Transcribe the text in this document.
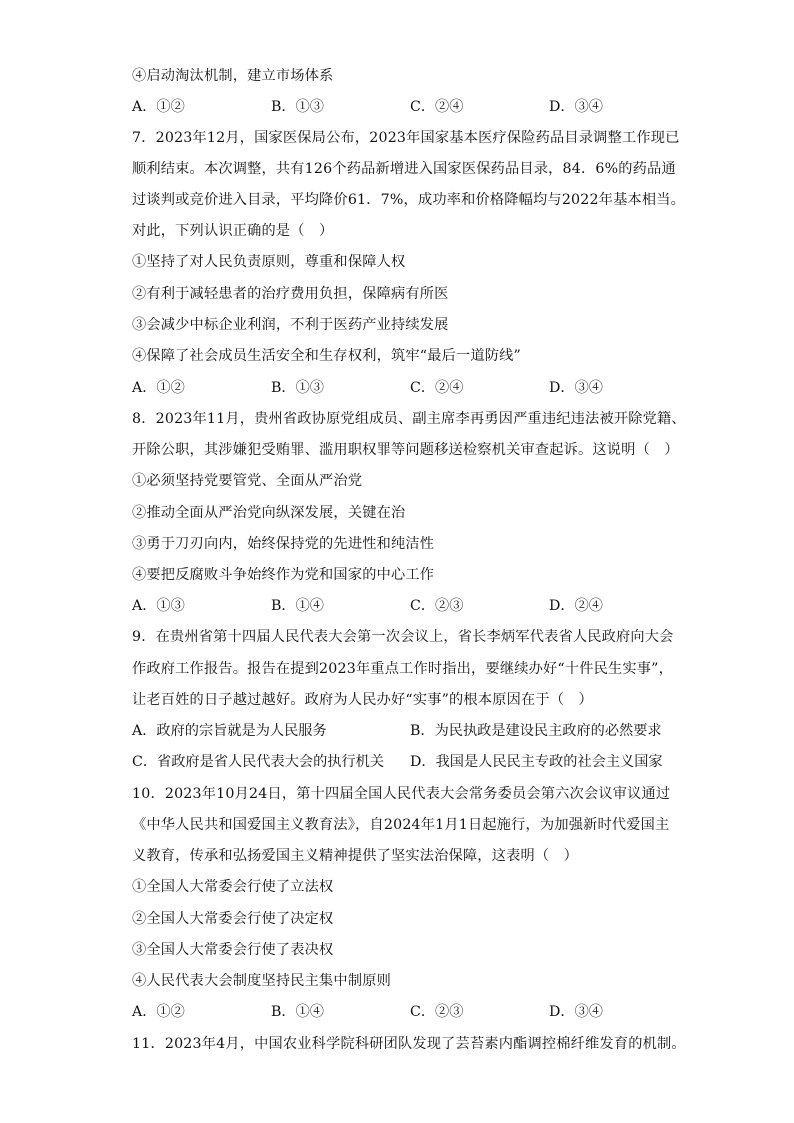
④启动淘汰机制，建立市场体系
A．①②	B．①③	C．②④	D．③④
7．2023年12月，国家医保局公布，2023年国家基本医疗保险药品目录调整工作现已
顺利结束。本次调整，共有126个药品新增进入国家医保药品目录，84．6%的药品通
过谈判或竞价进入目录，平均降价61．7%，成功率和价格降幅均与2022年基本相当。
对此，下列认识正确的是（　）
①坚持了对人民负责原则，尊重和保障人权
②有利于减轻患者的治疗费用负担，保障病有所医
③会减少中标企业利润，不利于医药产业持续发展
④保障了社会成员生活安全和生存权利，筑牢“最后一道防线”
A．①②	B．①③	C．②④	D．③④
8．2023年11月，贵州省政协原党组成员、副主席李再勇因严重违纪违法被开除党籍、
开除公职，其涉嫌犯受贿罪、滥用职权罪等问题移送检察机关审查起诉。这说明（　）
①必须坚持党要管党、全面从严治党
②推动全面从严治党向纵深发展，关键在治
③勇于刀刃向内，始终保持党的先进性和纯洁性
④要把反腐败斗争始终作为党和国家的中心工作
A．①③	B．①④	C．②③	D．②④
9．在贵州省第十四届人民代表大会第一次会议上，省长李炳军代表省人民政府向大会
作政府工作报告。报告在提到2023年重点工作时指出，要继续办好“十件民生实事”，
让老百姓的日子越过越好。政府为人民办好“实事”的根本原因在于（　）
A．政府的宗旨就是为人民服务	B．为民执政是建设民主政府的必然要求
C．省政府是省人民代表大会的执行机关 D．我国是人民民主专政的社会主义国家
10．2023年10月24日，第十四届全国人民代表大会常务委员会第六次会议审议通过
《中华人民共和国爱国主义教育法》，自2024年1月1日起施行，为加强新时代爱国主
义教育，传承和弘扬爱国主义精神提供了坚实法治保障，这表明（　）
①全国人大常委会行使了立法权
②全国人大常委会行使了决定权
③全国人大常委会行使了表决权
④人民代表大会制度坚持民主集中制原则
A．①②	B．①④	C．②③	D．③④
11．2023年4月，中国农业科学院科研团队发现了芸苔素内酯调控棉纤维发育的机制。
